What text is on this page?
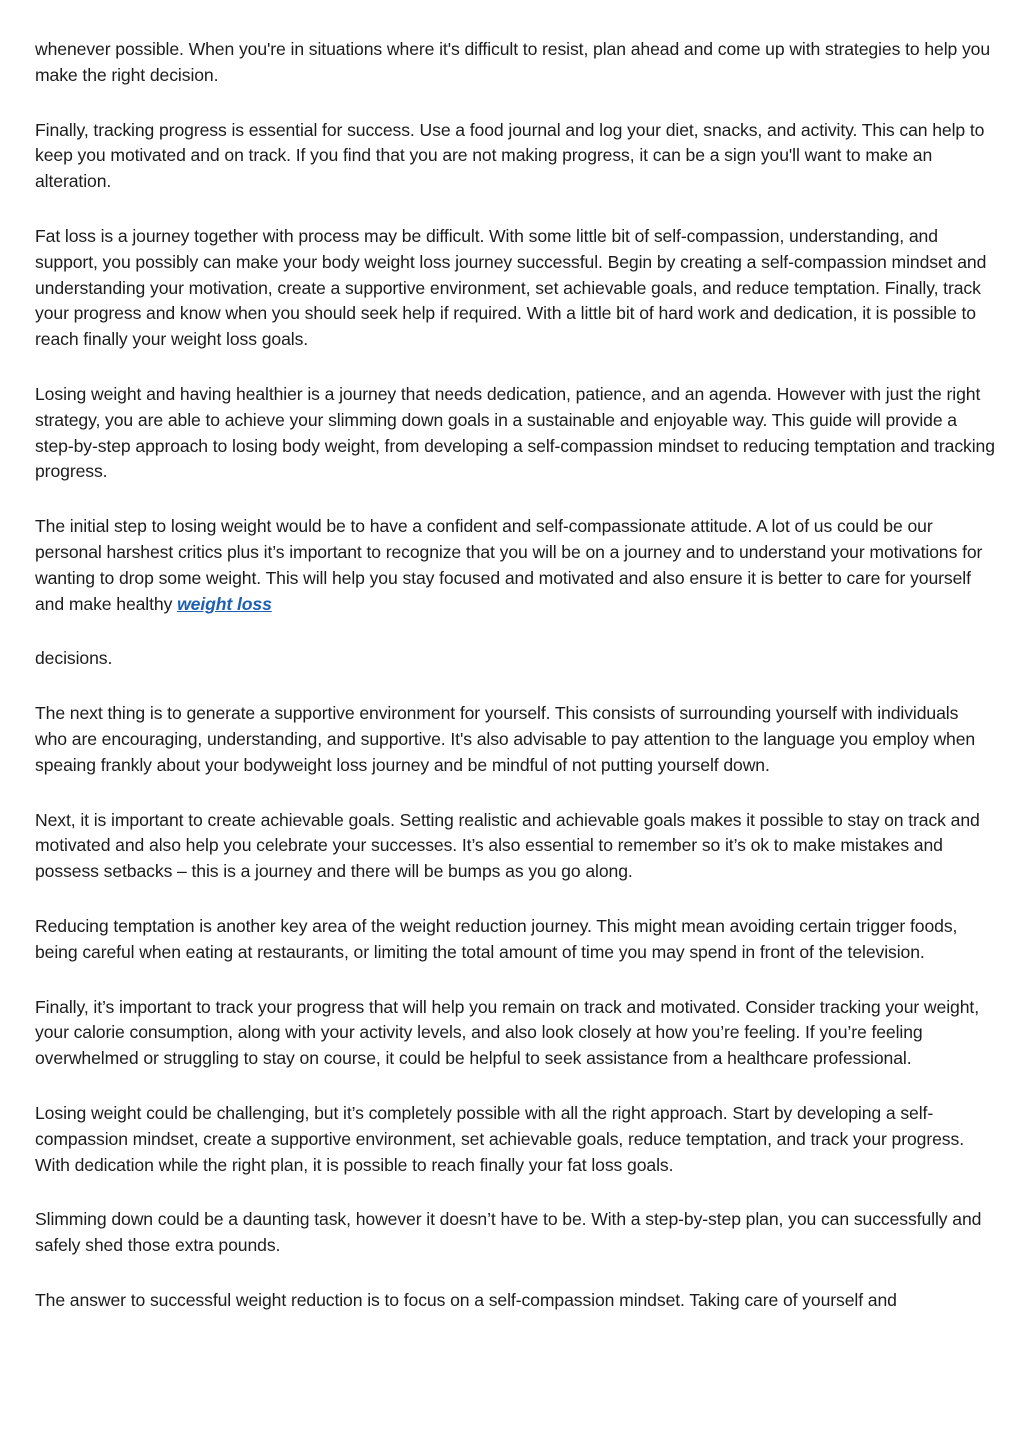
whenever possible. When you're in situations where it's difficult to resist, plan ahead and come up with strategies to help you make the right decision.

Finally, tracking progress is essential for success. Use a food journal and log your diet, snacks, and activity. This can help to keep you motivated and on track. If you find that you are not making progress, it can be a sign you'll want to make an alteration.

Fat loss is a journey together with process may be difficult. With some little bit of self-compassion, understanding, and support, you possibly can make your body weight loss journey successful. Begin by creating a self-compassion mindset and understanding your motivation, create a supportive environment, set achievable goals, and reduce temptation. Finally, track your progress and know when you should seek help if required. With a little bit of hard work and dedication, it is possible to reach finally your weight loss goals.

Losing weight and having healthier is a journey that needs dedication, patience, and an agenda. However with just the right strategy, you are able to achieve your slimming down goals in a sustainable and enjoyable way. This guide will provide a step-by-step approach to losing body weight, from developing a self-compassion mindset to reducing temptation and tracking progress.

The initial step to losing weight would be to have a confident and self-compassionate attitude. A lot of us could be our personal harshest critics plus it’s important to recognize that you will be on a journey and to understand your motivations for wanting to drop some weight. This will help you stay focused and motivated and also ensure it is better to care for yourself and make healthy weight loss

decisions.

The next thing is to generate a supportive environment for yourself. This consists of surrounding yourself with individuals who are encouraging, understanding, and supportive. It's also advisable to pay attention to the language you employ when speaing frankly about your bodyweight loss journey and be mindful of not putting yourself down.

Next, it is important to create achievable goals. Setting realistic and achievable goals makes it possible to stay on track and motivated and also help you celebrate your successes. It’s also essential to remember so it’s ok to make mistakes and possess setbacks – this is a journey and there will be bumps as you go along.

Reducing temptation is another key area of the weight reduction journey. This might mean avoiding certain trigger foods, being careful when eating at restaurants, or limiting the total amount of time you may spend in front of the television.

Finally, it’s important to track your progress that will help you remain on track and motivated. Consider tracking your weight, your calorie consumption, along with your activity levels, and also look closely at how you’re feeling. If you’re feeling overwhelmed or struggling to stay on course, it could be helpful to seek assistance from a healthcare professional.

Losing weight could be challenging, but it’s completely possible with all the right approach. Start by developing a self-compassion mindset, create a supportive environment, set achievable goals, reduce temptation, and track your progress. With dedication while the right plan, it is possible to reach finally your fat loss goals.

Slimming down could be a daunting task, however it doesn’t have to be. With a step-by-step plan, you can successfully and safely shed those extra pounds.

The answer to successful weight reduction is to focus on a self-compassion mindset. Taking care of yourself and
